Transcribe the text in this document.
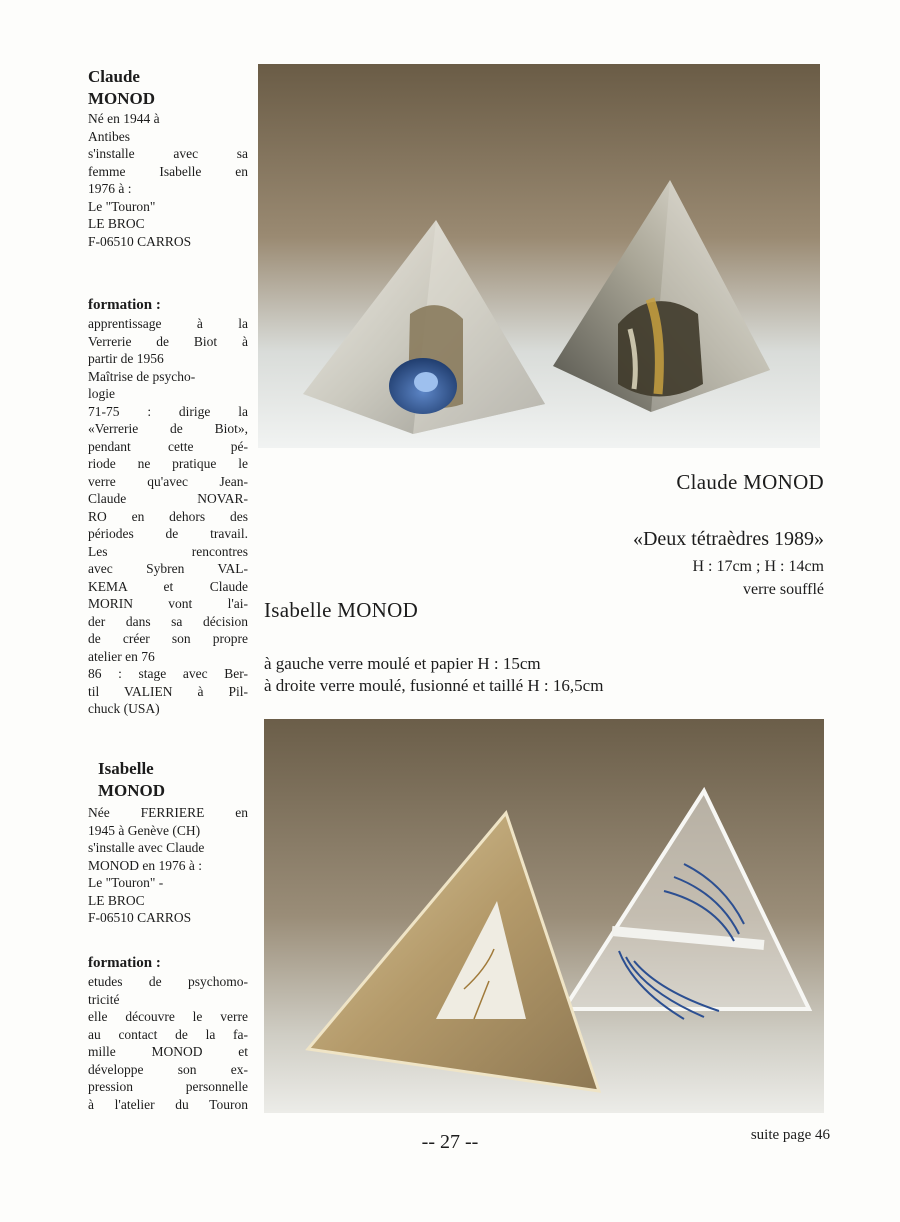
Claude

MONOD

Né en 1944 à

Antibes

s'installe avec sa

femme Isabelle en

1976 à :

Le "Touron"

LE BROC

F-06510 CARROS

formation :

apprentissage à la

Verrerie de Biot à

partir de 1956

Maîtrise de psycho-

logie

71-75 : dirige la

«Verrerie de Biot»,

pendant cette pé-

riode ne pratique le

verre qu'avec Jean-

Claude NOVAR-

RO en dehors des

périodes de travail.

Les rencontres

avec Sybren VAL-

KEMA et Claude

MORIN vont l'ai-

der dans sa décision

de créer son propre

atelier en 76

86 : stage avec Ber-

til VALIEN à Pil-

chuck (USA)

Isabelle

MONOD

Née FERRIERE en

1945 à Genève (CH)

s'installe avec Claude

MONOD en 1976 à :

Le "Touron" -

LE BROC

F-06510 CARROS

formation :

etudes de psychomo-

tricité

elle découvre le verre

au contact de la fa-

mille MONOD et

développe son ex-

pression personnelle

à l'atelier du Touron

Claude MONOD
«Deux tétraèdres 1989»
H : 17cm ; H : 14cm
verre soufflé
Isabelle MONOD
à gauche verre moulé et papier H : 15cm
à droite verre moulé, fusionné et taillé H : 16,5cm
-- 27 --	suite page 46
